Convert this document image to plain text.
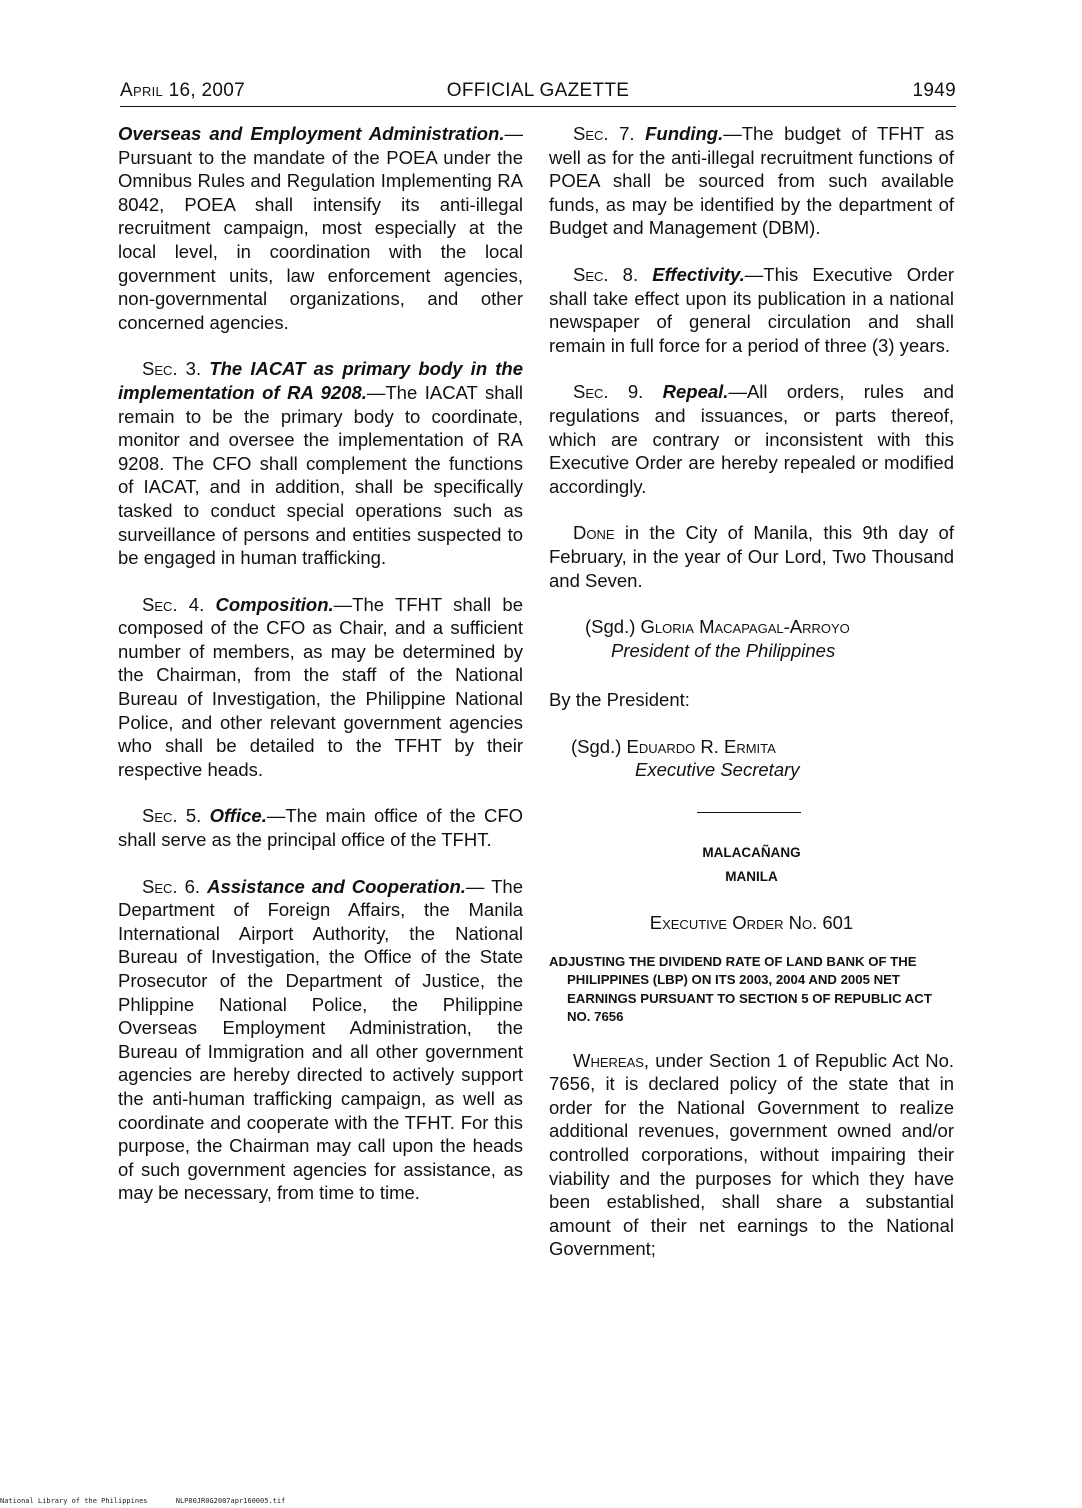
April 16, 2007	OFFICIAL GAZETTE	1949

Overseas and Employment Administration.—Pursuant to the mandate of the POEA under the Omnibus Rules and Regulation Implementing RA 8042, POEA shall intensify its anti-illegal recruitment campaign, most especially at the local level, in coordination with the local government units, law enforcement agencies, non-governmental organizations, and other concerned agencies.

Sec. 3. The IACAT as primary body in the implementation of RA 9208.—The IACAT shall remain to be the primary body to coordinate, monitor and oversee the implementation of RA 9208. The CFO shall complement the functions of IACAT, and in addition, shall be specifically tasked to conduct special operations such as surveillance of persons and entities suspected to be engaged in human trafficking.

Sec. 4. Composition.—The TFHT shall be composed of the CFO as Chair, and a sufficient number of members, as may be determined by the Chairman, from the staff of the National Bureau of Investigation, the Philippine National Police, and other relevant government agencies who shall be detailed to the TFHT by their respective heads.

Sec. 5. Office.—The main office of the CFO shall serve as the principal office of the TFHT.

Sec. 6. Assistance and Cooperation.— The Department of Foreign Affairs, the Manila International Airport Authority, the National Bureau of Investigation, the Office of the State Prosecutor of the Department of Justice, the Phlippine National Police, the Philippine Overseas Employment Administration, the Bureau of Immigration and all other government agencies are hereby directed to actively support the anti-human trafficking campaign, as well as coordinate and cooperate with the TFHT. For this purpose, the Chairman may call upon the heads of such government agencies for assistance, as may be necessary, from time to time.

Sec. 7. Funding.—The budget of TFHT as well as for the anti-illegal recruitment functions of POEA shall be sourced from such available funds, as may be identified by the department of Budget and Management (DBM).

Sec. 8. Effectivity.—This Executive Order shall take effect upon its publication in a national newspaper of general circulation and shall remain in full force for a period of three (3) years.

Sec. 9. Repeal.—All orders, rules and regulations and issuances, or parts thereof, which are contrary or inconsistent with this Executive Order are hereby repealed or modified accordingly.

Done in the City of Manila, this 9th day of February, in the year of Our Lord, Two Thousand and Seven.

(Sgd.) Gloria Macapagal-Arroyo
President of the Philippines

By the President:

(Sgd.) Eduardo R. Ermita
Executive Secretary
MALACAÑANG
MANILA
Executive Order No. 601

ADJUSTING THE DIVIDEND RATE OF LAND BANK OF THE PHILIPPINES (LBP) ON ITS 2003, 2004 AND 2005 NET EARNINGS PURSUANT TO SECTION 5 OF REPUBLIC ACT NO. 7656

Whereas, under Section 1 of Republic Act No. 7656, it is declared policy of the state that in order for the National Government to realize additional revenues, government owned and/or controlled corporations, without impairing their viability and the purposes for which they have been established, shall share a substantial amount of their net earnings to the National Government;

National Library of the Philippines	NLP00JR0G2007apr160005.tif
